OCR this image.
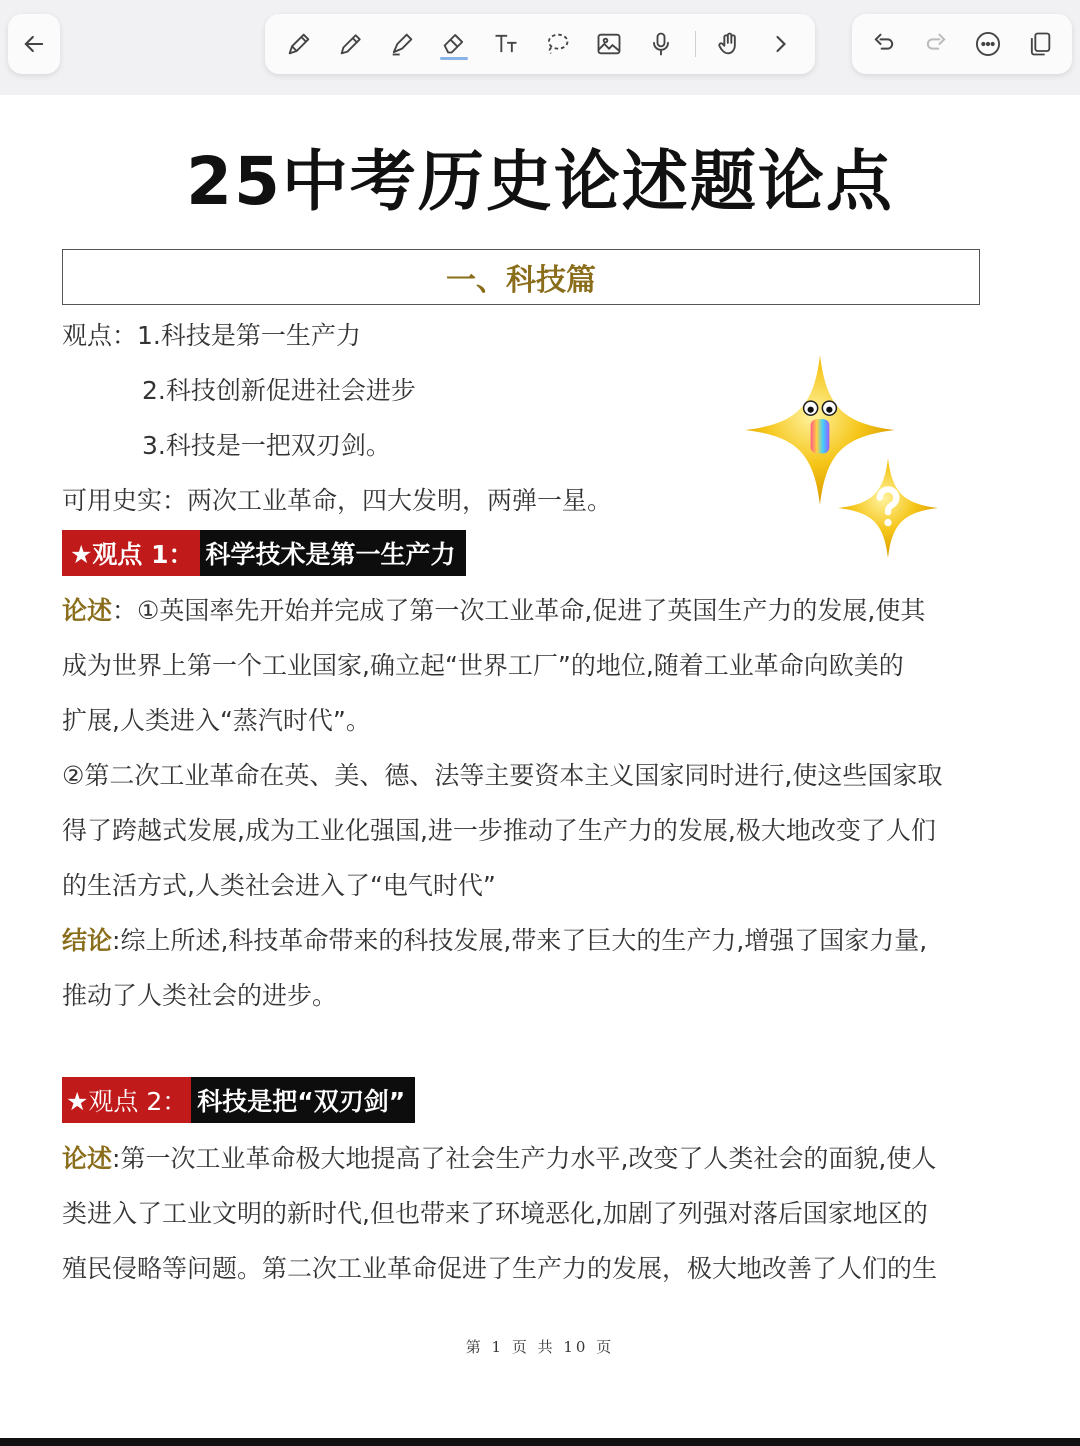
25中考历史论述题论点
一、科技篇
观点：1.科技是第一生产力
2.科技创新促进社会进步
3.科技是一把双刃剑。
可用史实：两次工业革命，四大发明，两弹一星。
★观点 1： 科学技术是第一生产力
论述：①英国率先开始并完成了第一次工业革命,促进了英国生产力的发展,使其
成为世界上第一个工业国家,确立起“世界工厂”的地位,随着工业革命向欧美的
扩展,人类进入“蒸汽时代”。
②第二次工业革命在英、美、德、法等主要资本主义国家同时进行,使这些国家取
得了跨越式发展,成为工业化强国,进一步推动了生产力的发展,极大地改变了人们
的生活方式,人类社会进入了“电气时代”
结论:综上所述,科技革命带来的科技发展,带来了巨大的生产力,增强了国家力量,
推动了人类社会的进步。
★观点 2： 科技是把“双刃剑”
论述:第一次工业革命极大地提高了社会生产力水平,改变了人类社会的面貌,使人
类进入了工业文明的新时代,但也带来了环境恶化,加剧了列强对落后国家地区的
殖民侵略等问题。第二次工业革命促进了生产力的发展，极大地改善了人们的生
第 1 页 共 10 页
